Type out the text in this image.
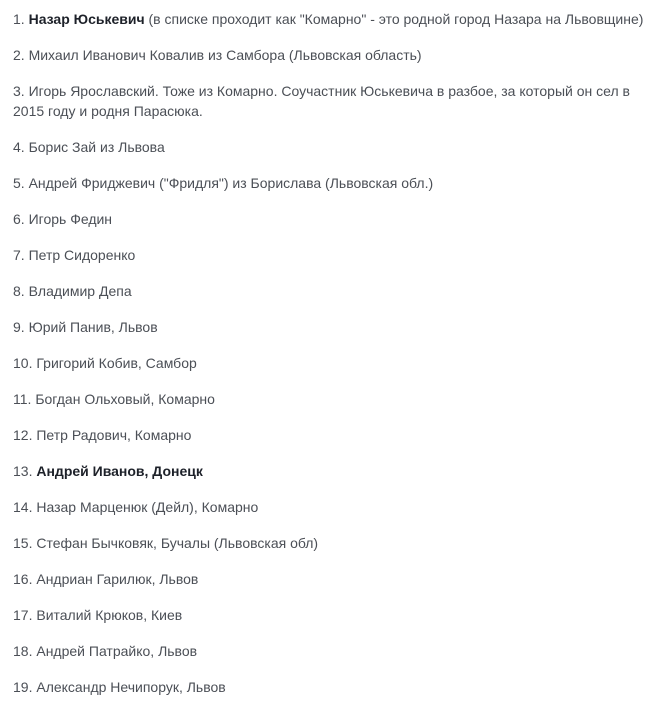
1. Назар Юськевич (в списке проходит как "Комарно" - это родной город Назара на Львовщине)

2. Михаил Иванович Ковалив из Самбора (Львовская область)

3. Игорь Ярославский. Тоже из Комарно. Соучастник Юськевича в разбое, за который он сел в 2015 году и родня Парасюка.

4. Борис Зай из Львова

5. Андрей Фриджевич ("Фридля") из Борислава (Львовская обл.)

6. Игорь Федин

7. Петр Сидоренко

8. Владимир Депа

9. Юрий Панив, Львов

10. Григорий Кобив, Самбор

11. Богдан Ольховый, Комарно

12. Петр Радович, Комарно

13. Андрей Иванов, Донецк

14. Назар Марценюк (Дейл), Комарно

15. Стефан Бычковяк, Бучалы (Львовская обл)

16. Андриан Гарилюк, Львов

17. Виталий Крюков, Киев

18. Андрей Патрайко, Львов

19. Александр Нечипорук, Львов
